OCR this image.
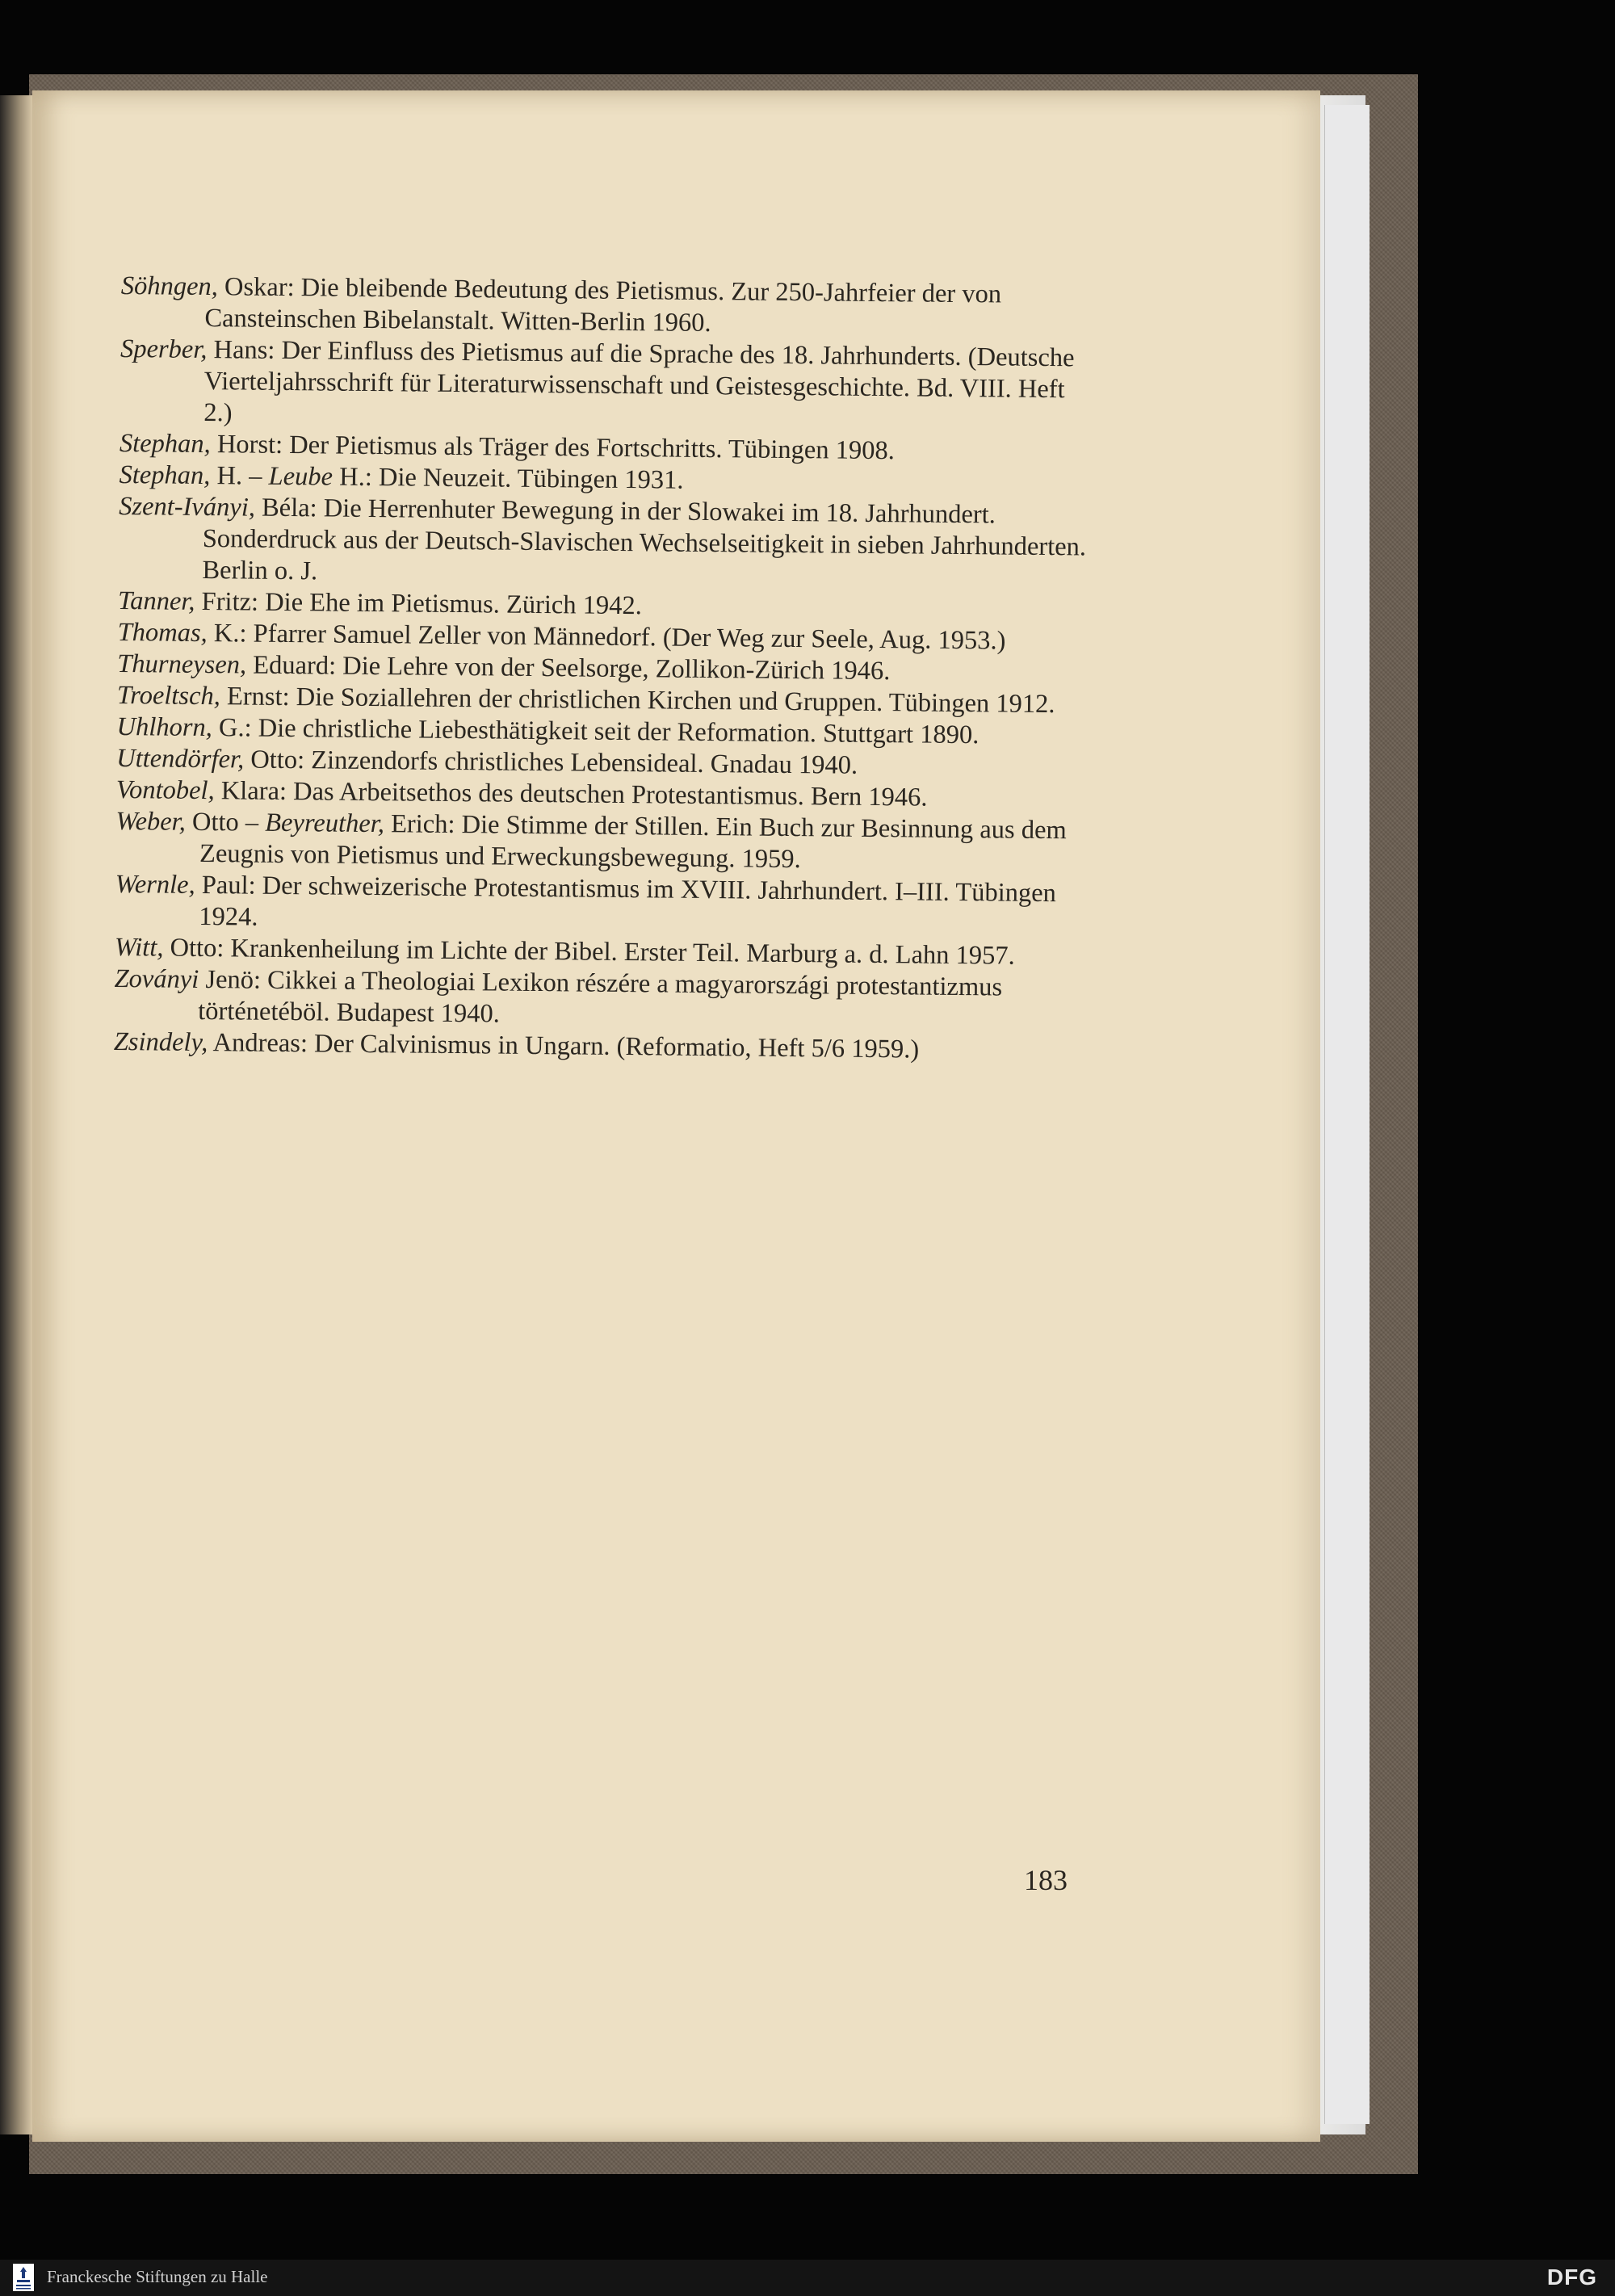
Söhngen, Oskar: Die bleibende Bedeutung des Pietismus. Zur 250-Jahrfeier der von Cansteinschen Bibelanstalt. Witten-Berlin 1960.

Sperber, Hans: Der Einfluss des Pietismus auf die Sprache des 18. Jahrhunderts. (Deutsche Vierteljahrsschrift für Literaturwissenschaft und Geistesgeschichte. Bd. VIII. Heft 2.)

Stephan, Horst: Der Pietismus als Träger des Fortschritts. Tübingen 1908.

Stephan, H. – Leube H.: Die Neuzeit. Tübingen 1931.

Szent-Iványi, Béla: Die Herrenhuter Bewegung in der Slowakei im 18. Jahrhundert. Sonderdruck aus der Deutsch-Slavischen Wechselseitigkeit in sieben Jahrhunderten. Berlin o. J.

Tanner, Fritz: Die Ehe im Pietismus. Zürich 1942.

Thomas, K.: Pfarrer Samuel Zeller von Männedorf. (Der Weg zur Seele, Aug. 1953.)

Thurneysen, Eduard: Die Lehre von der Seelsorge, Zollikon-Zürich 1946.

Troeltsch, Ernst: Die Soziallehren der christlichen Kirchen und Gruppen. Tübingen 1912.

Uhlhorn, G.: Die christliche Liebesthätigkeit seit der Reformation. Stuttgart 1890.

Uttendörfer, Otto: Zinzendorfs christliches Lebensideal. Gnadau 1940.

Vontobel, Klara: Das Arbeitsethos des deutschen Protestantismus. Bern 1946.

Weber, Otto – Beyreuther, Erich: Die Stimme der Stillen. Ein Buch zur Besinnung aus dem Zeugnis von Pietismus und Erweckungsbewegung. 1959.

Wernle, Paul: Der schweizerische Protestantismus im XVIII. Jahrhundert. I–III. Tübingen 1924.

Witt, Otto: Krankenheilung im Lichte der Bibel. Erster Teil. Marburg a. d. Lahn 1957.

Zoványi Jenö: Cikkei a Theologiai Lexikon részére a magyarországi protestantizmus történetéböl. Budapest 1940.

Zsindely, Andreas: Der Calvinismus in Ungarn. (Reformatio, Heft 5/6 1959.)

183
Franckesche Stiftungen zu Halle	DFG
